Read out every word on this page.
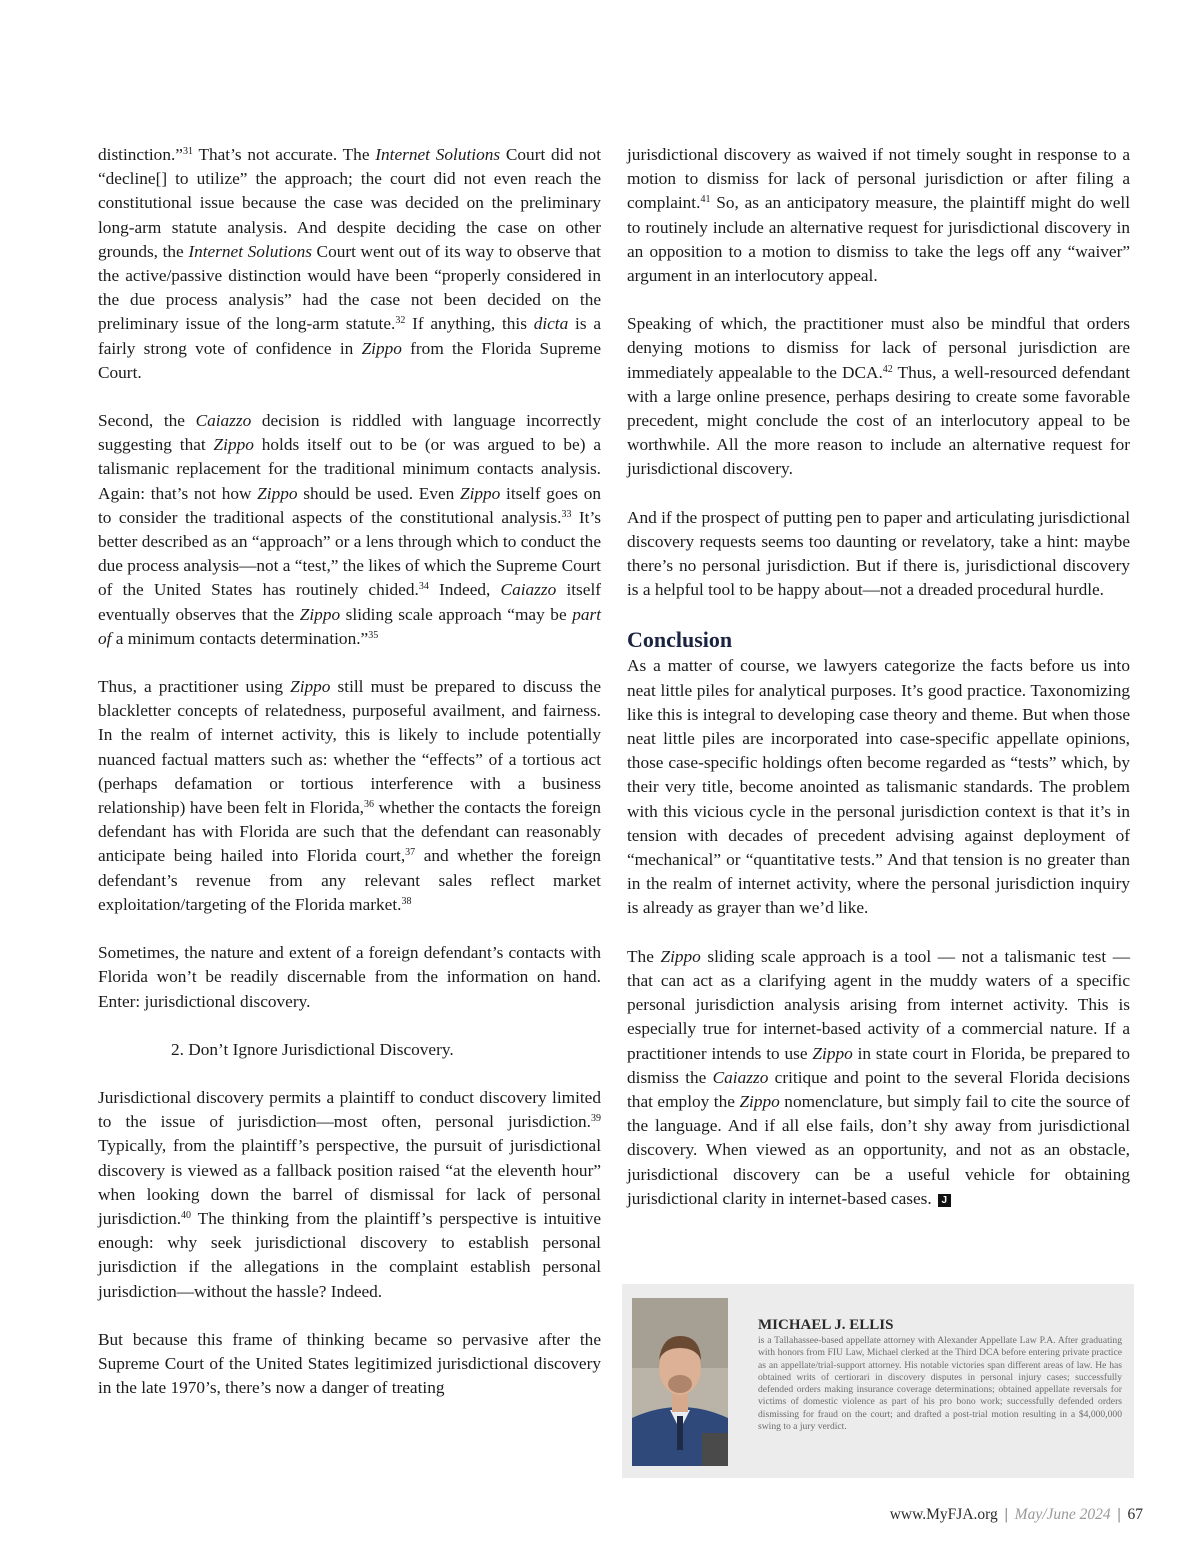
distinction.”$^{31}$ That’s not accurate. The Internet Solutions Court did not “decline[] to utilize” the approach; the court did not even reach the constitutional issue because the case was decided on the preliminary long-arm statute analysis. And despite deciding the case on other grounds, the Internet Solutions Court went out of its way to observe that the active/passive distinction would have been “properly considered in the due process analysis” had the case not been decided on the preliminary issue of the long-arm statute.$^{32}$ If anything, this dicta is a fairly strong vote of confidence in Zippo from the Florida Supreme Court.

Second, the Caiazzo decision is riddled with language incorrectly suggesting that Zippo holds itself out to be (or was argued to be) a talismanic replacement for the traditional minimum contacts analysis. Again: that’s not how Zippo should be used. Even Zippo itself goes on to consider the traditional aspects of the constitutional analysis.$^{33}$ It’s better described as an “approach” or a lens through which to conduct the due process analysis—not a “test,” the likes of which the Supreme Court of the United States has routinely chided.$^{34}$ Indeed, Caiazzo itself eventually observes that the Zippo sliding scale approach “may be part of a minimum contacts determination.”$^{35}$

Thus, a practitioner using Zippo still must be prepared to discuss the blackletter concepts of relatedness, purposeful availment, and fairness. In the realm of internet activity, this is likely to include potentially nuanced factual matters such as: whether the “effects” of a tortious act (perhaps defamation or tortious interference with a business relationship) have been felt in Florida,$^{36}$ whether the contacts the foreign defendant has with Florida are such that the defendant can reasonably anticipate being hailed into Florida court,$^{37}$ and whether the foreign defendant’s revenue from any relevant sales reflect market exploitation/targeting of the Florida market.$^{38}$

Sometimes, the nature and extent of a foreign defendant’s contacts with Florida won’t be readily discernable from the information on hand. Enter: jurisdictional discovery.

2. Don’t Ignore Jurisdictional Discovery.

Jurisdictional discovery permits a plaintiff to conduct discovery limited to the issue of jurisdiction—most often, personal jurisdiction.$^{39}$ Typically, from the plaintiff’s perspective, the pursuit of jurisdictional discovery is viewed as a fallback position raised “at the eleventh hour” when looking down the barrel of dismissal for lack of personal jurisdiction.$^{40}$ The thinking from the plaintiff’s perspective is intuitive enough: why seek jurisdictional discovery to establish personal jurisdiction if the allegations in the complaint establish personal jurisdiction—without the hassle? Indeed.

But because this frame of thinking became so pervasive after the Supreme Court of the United States legitimized jurisdictional discovery in the late 1970’s, there’s now a danger of treating

jurisdictional discovery as waived if not timely sought in response to a motion to dismiss for lack of personal jurisdiction or after filing a complaint.$^{41}$ So, as an anticipatory measure, the plaintiff might do well to routinely include an alternative request for jurisdictional discovery in an opposition to a motion to dismiss to take the legs off any “waiver” argument in an interlocutory appeal.

Speaking of which, the practitioner must also be mindful that orders denying motions to dismiss for lack of personal jurisdiction are immediately appealable to the DCA.$^{42}$ Thus, a well-resourced defendant with a large online presence, perhaps desiring to create some favorable precedent, might conclude the cost of an interlocutory appeal to be worthwhile. All the more reason to include an alternative request for jurisdictional discovery.

And if the prospect of putting pen to paper and articulating jurisdictional discovery requests seems too daunting or revelatory, take a hint: maybe there’s no personal jurisdiction. But if there is, jurisdictional discovery is a helpful tool to be happy about—not a dreaded procedural hurdle.

Conclusion

As a matter of course, we lawyers categorize the facts before us into neat little piles for analytical purposes. It’s good practice. Taxonomizing like this is integral to developing case theory and theme. But when those neat little piles are incorporated into case-specific appellate opinions, those case-specific holdings often become regarded as “tests” which, by their very title, become anointed as talismanic standards. The problem with this vicious cycle in the personal jurisdiction context is that it’s in tension with decades of precedent advising against deployment of “mechanical” or “quantitative tests.” And that tension is no greater than in the realm of internet activity, where the personal jurisdiction inquiry is already as grayer than we’d like.

The Zippo sliding scale approach is a tool — not a talismanic test — that can act as a clarifying agent in the muddy waters of a specific personal jurisdiction analysis arising from internet activity. This is especially true for internet-based activity of a commercial nature. If a practitioner intends to use Zippo in state court in Florida, be prepared to dismiss the Caiazzo critique and point to the several Florida decisions that employ the Zippo nomenclature, but simply fail to cite the source of the language. And if all else fails, don’t shy away from jurisdictional discovery. When viewed as an opportunity, and not as an obstacle, jurisdictional discovery can be a useful vehicle for obtaining jurisdictional clarity in internet-based cases. J

MICHAEL J. ELLIS

is a Tallahassee-based appellate attorney with Alexander Appellate Law P.A. After graduating with honors from FIU Law, Michael clerked at the Third DCA before entering private practice as an appellate/trial-support attorney. His notable victories span different areas of law. He has obtained writs of certiorari in discovery disputes in personal injury cases; successfully defended orders making insurance coverage determinations; obtained appellate reversals for victims of domestic violence as part of his pro bono work; successfully defended orders dismissing for fraud on the court; and drafted a post-trial motion resulting in a $4,000,000 swing to a jury verdict.

www.MyFJA.org | May/June 2024 | 67
